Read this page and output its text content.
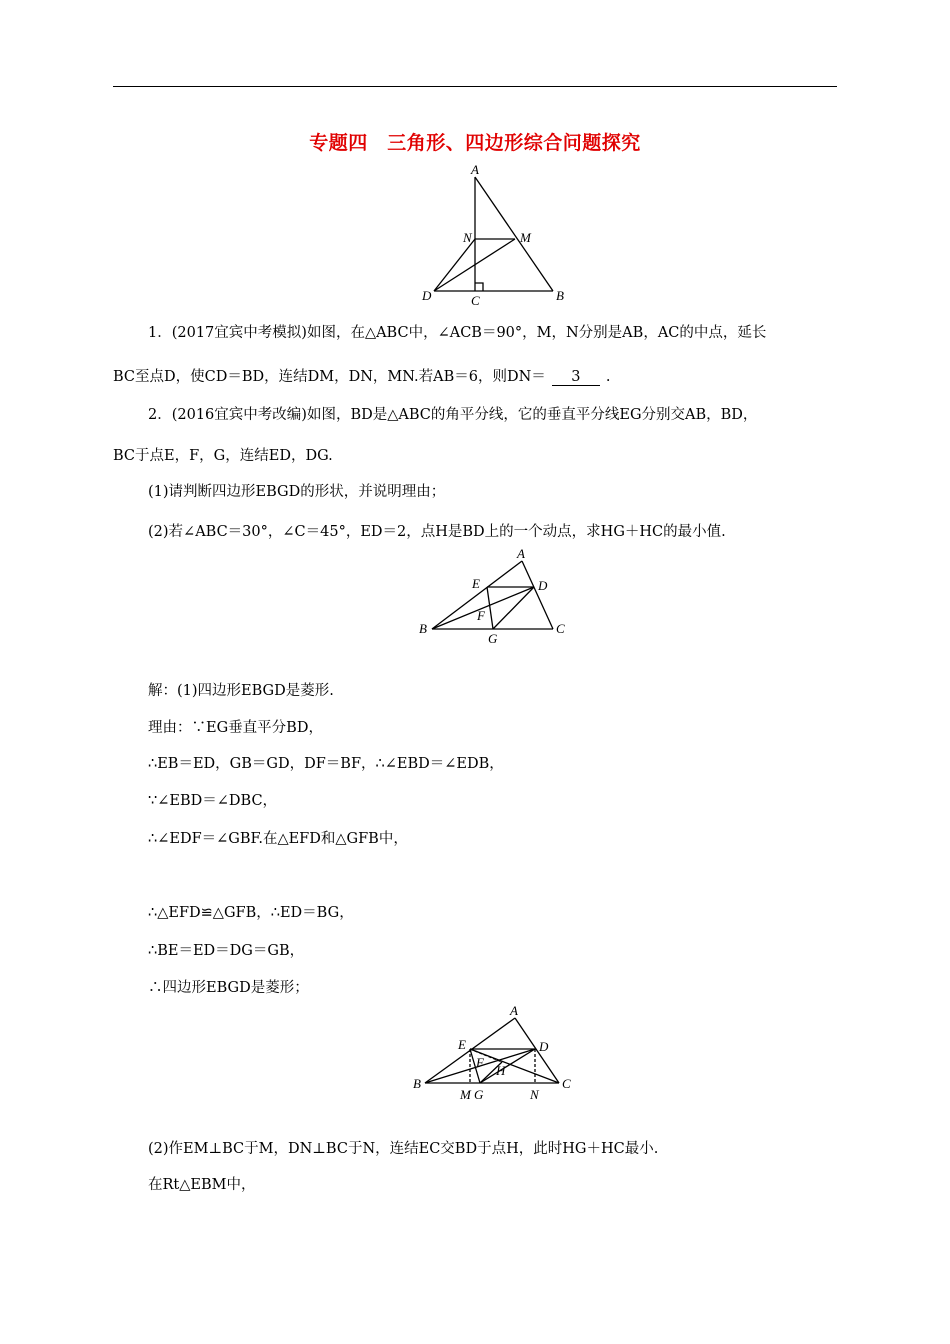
专题四　三角形、四边形综合问题探究
A
N	M
D	C	B
1．(2017宜宾中考模拟)如图，在△ABC中，∠ACB＝90°，M，N分别是AB，AC的中点，延长
BC至点D，使CD＝BD，连结DM，DN，MN.若AB＝6，则DN＝ 3 .
2．(2016宜宾中考改编)如图，BD是△ABC的角平分线，它的垂直平分线EG分别交AB，BD，
BC于点E，F，G，连结ED，DG.
(1)请判断四边形EBGD的形状，并说明理由；
(2)若∠ABC＝30°，∠C＝45°，ED＝2，点H是BD上的一个动点，求HG＋HC的最小值.
A
E	D
F
B
G
C
解：(1)四边形EBGD是菱形.
理由：∵EG垂直平分BD，
∴EB＝ED，GB＝GD，DF＝BF，∴∠EBD＝∠EDB，
∵∠EBD＝∠DBC，
∴∠EDF＝∠GBF.在△EFD和△GFB中，
∴△EFD≌△GFB，∴ED＝BG，
∴BE＝ED＝DG＝GB，
∴四边形EBGD是菱形；
A
E	D
F
H
B
M G	N
C
(2)作EM⊥BC于M，DN⊥BC于N，连结EC交BD于点H，此时HG＋HC最小.
在Rt△EBM中，
